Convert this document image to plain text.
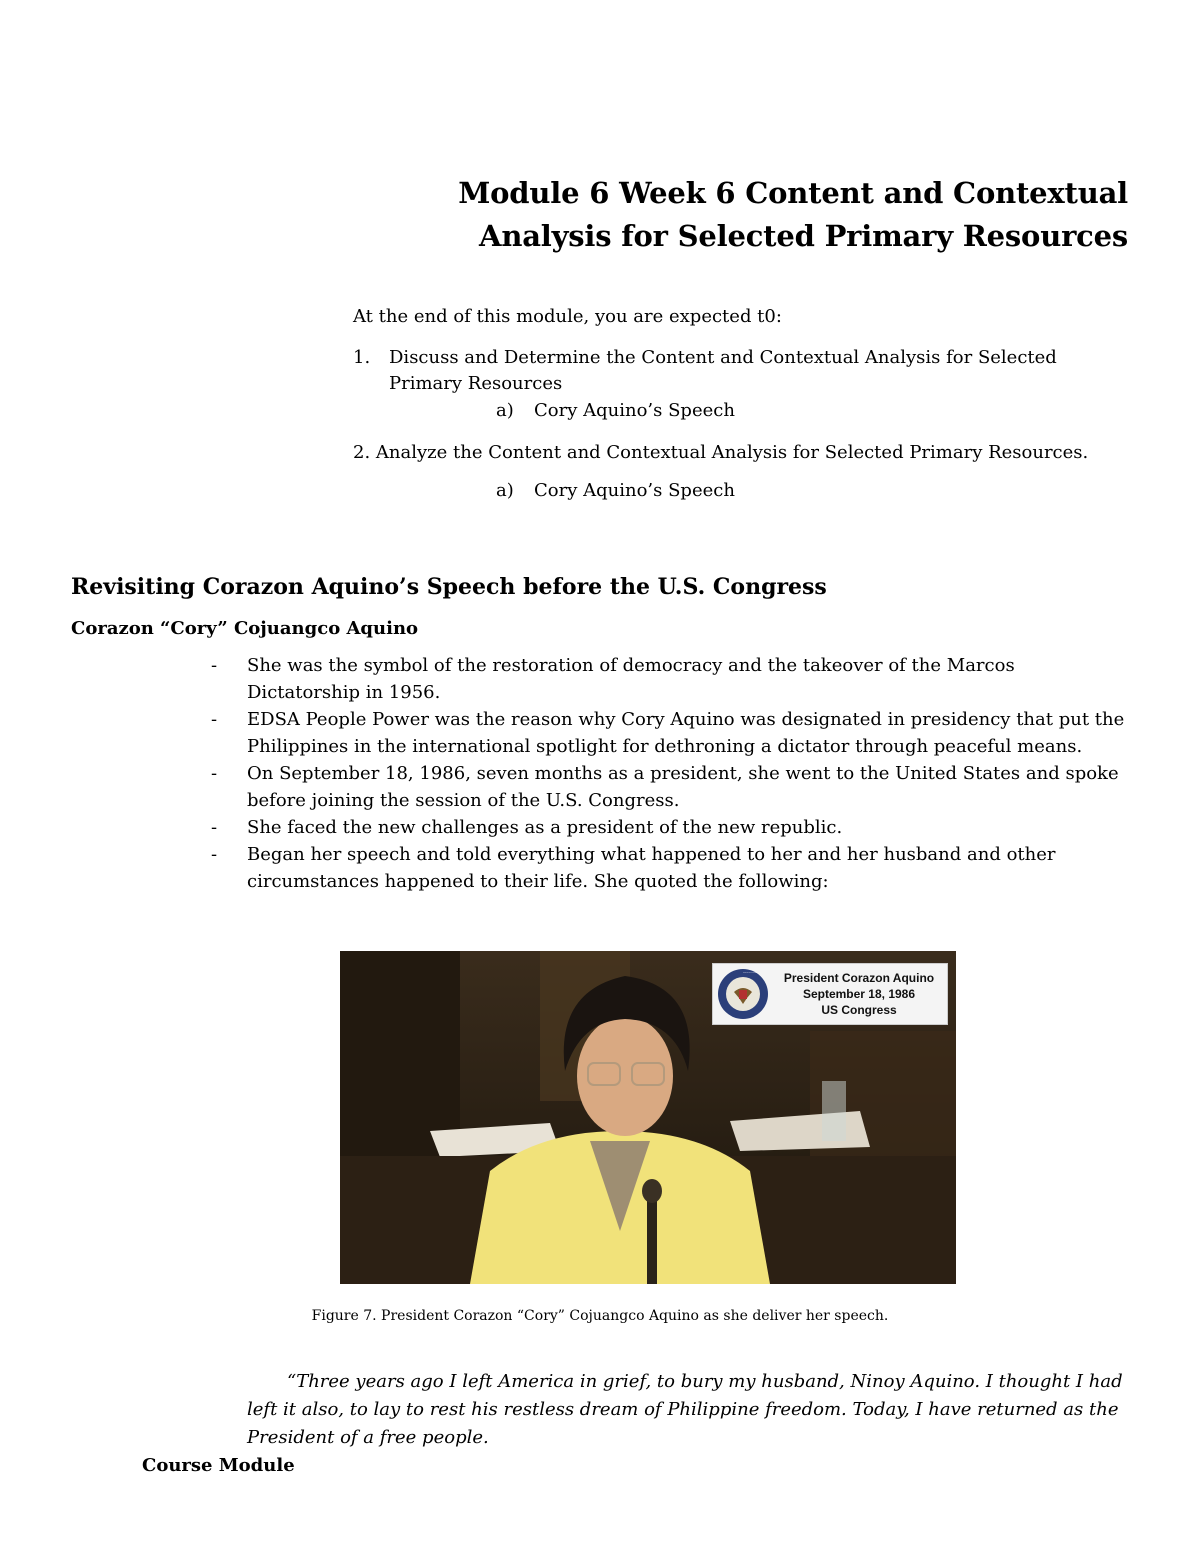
Module 6 Week 6 Content and Contextual
Analysis for Selected Primary Resources
At the end of this module, you are expected t0:
1. Discuss and Determine the Content and Contextual Analysis for Selected Primary Resources
a) Cory Aquino’s Speech
2. Analyze the Content and Contextual Analysis for Selected Primary Resources.
a) Cory Aquino’s Speech
Revisiting Corazon Aquino’s Speech before the U.S. Congress
Corazon “Cory” Cojuangco Aquino
- She was the symbol of the restoration of democracy and the takeover of the Marcos Dictatorship in 1956.
- EDSA People Power was the reason why Cory Aquino was designated in presidency that put the Philippines in the international spotlight for dethroning a dictator through peaceful means.
- On September 18, 1986, seven months as a president, she went to the United States and spoke before joining the session of the U.S. Congress.
- She faced the new challenges as a president of the new republic.
- Began her speech and told everything what happened to her and her husband and other circumstances happened to their life. She quoted the following:
UNITED STATES CONGRESS	President Corazon Aquino
September 18, 1986
US Congress
Figure 7. President Corazon “Cory” Cojuangco Aquino as she deliver her speech.
“Three years ago I left America in grief, to bury my husband, Ninoy Aquino. I thought I had left it also, to lay to rest his restless dream of Philippine freedom. Today, I have returned as the President of a free people.
Course Module
